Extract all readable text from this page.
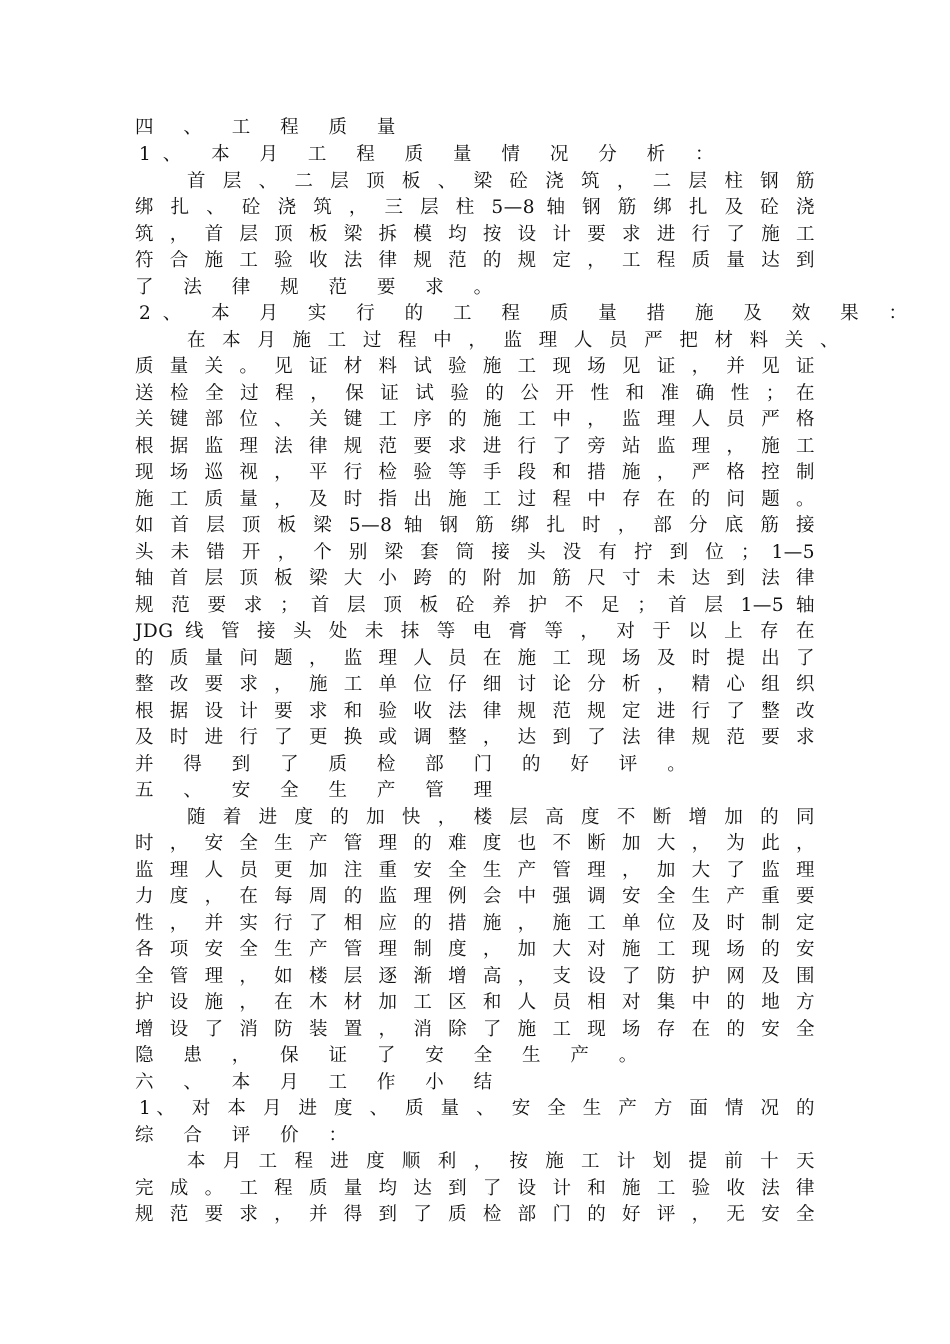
四 、 工 程 质 量
1、 本 月 工 程 质 量 情 况 分 析 ：
首 层 、 二 层 顶 板 、 梁 砼 浇 筑 ， 二 层 柱 钢 筋
绑 扎 、 砼 浇 筑 ， 三 层 柱 5—8 轴 钢 筋 绑 扎 及 砼 浇
筑 ， 首 层 顶 板 梁 拆 模 均 按 设 计 要 求 进 行 了 施 工
符 合 施 工 验 收 法 律 规 范 的 规 定 ， 工 程 质 量 达 到
了 法 律 规 范 要 求 。
2、 本 月 实 行 的 工 程 质 量 措 施 及 效 果 ：
在 本 月 施 工 过 程 中 ， 监 理 人 员 严 把 材 料 关 、
质 量 关 。 见 证 材 料 试 验 施 工 现 场 见 证 ， 并 见 证
送 检 全 过 程 ， 保 证 试 验 的 公 开 性 和 准 确 性 ； 在
关 键 部 位 、 关 键 工 序 的 施 工 中 ， 监 理 人 员 严 格
根 据 监 理 法 律 规 范 要 求 进 行 了 旁 站 监 理 ， 施 工
现 场 巡 视 ， 平 行 检 验 等 手 段 和 措 施 ， 严 格 控 制
施 工 质 量 ， 及 时 指 出 施 工 过 程 中 存 在 的 问 题 。
如 首 层 顶 板 梁 5—8 轴 钢 筋 绑 扎 时 ， 部 分 底 筋 接
头 未 错 开 ， 个 别 梁 套 筒 接 头 没 有 拧 到 位 ； 1—5
轴 首 层 顶 板 梁 大 小 跨 的 附 加 筋 尺 寸 未 达 到 法 律
规 范 要 求 ； 首 层 顶 板 砼 养 护 不 足 ； 首 层 1—5 轴
JDG 线 管 接 头 处 未 抹 等 电 膏 等 ， 对 于 以 上 存 在
的 质 量 问 题 ， 监 理 人 员 在 施 工 现 场 及 时 提 出 了
整 改 要 求 ， 施 工 单 位 仔 细 讨 论 分 析 ， 精 心 组 织
根 据 设 计 要 求 和 验 收 法 律 规 范 规 定 进 行 了 整 改
及 时 进 行 了 更 换 或 调 整 ， 达 到 了 法 律 规 范 要 求
并 得 到 了 质 检 部 门 的 好 评 。
五 、 安 全 生 产 管 理
随 着 进 度 的 加 快 ， 楼 层 高 度 不 断 增 加 的 同
时 ， 安 全 生 产 管 理 的 难 度 也 不 断 加 大 ， 为 此 ，
监 理 人 员 更 加 注 重 安 全 生 产 管 理 ， 加 大 了 监 理
力 度 ， 在 每 周 的 监 理 例 会 中 强 调 安 全 生 产 重 要
性 ， 并 实 行 了 相 应 的 措 施 ， 施 工 单 位 及 时 制 定
各 项 安 全 生 产 管 理 制 度 ， 加 大 对 施 工 现 场 的 安
全 管 理 ， 如 楼 层 逐 渐 增 高 ， 支 设 了 防 护 网 及 围
护 设 施 ， 在 木 材 加 工 区 和 人 员 相 对 集 中 的 地 方
增 设 了 消 防 装 置 ， 消 除 了 施 工 现 场 存 在 的 安 全
隐 患 ， 保 证 了 安 全 生 产 。
六 、 本 月 工 作 小 结
1、 对 本 月 进 度 、 质 量 、 安 全 生 产 方 面 情 况 的
综 合 评 价 ：
本 月 工 程 进 度 顺 利 ， 按 施 工 计 划 提 前 十 天
完 成 。 工 程 质 量 均 达 到 了 设 计 和 施 工 验 收 法 律
规 范 要 求 ， 并 得 到 了 质 检 部 门 的 好 评 ， 无 安 全
